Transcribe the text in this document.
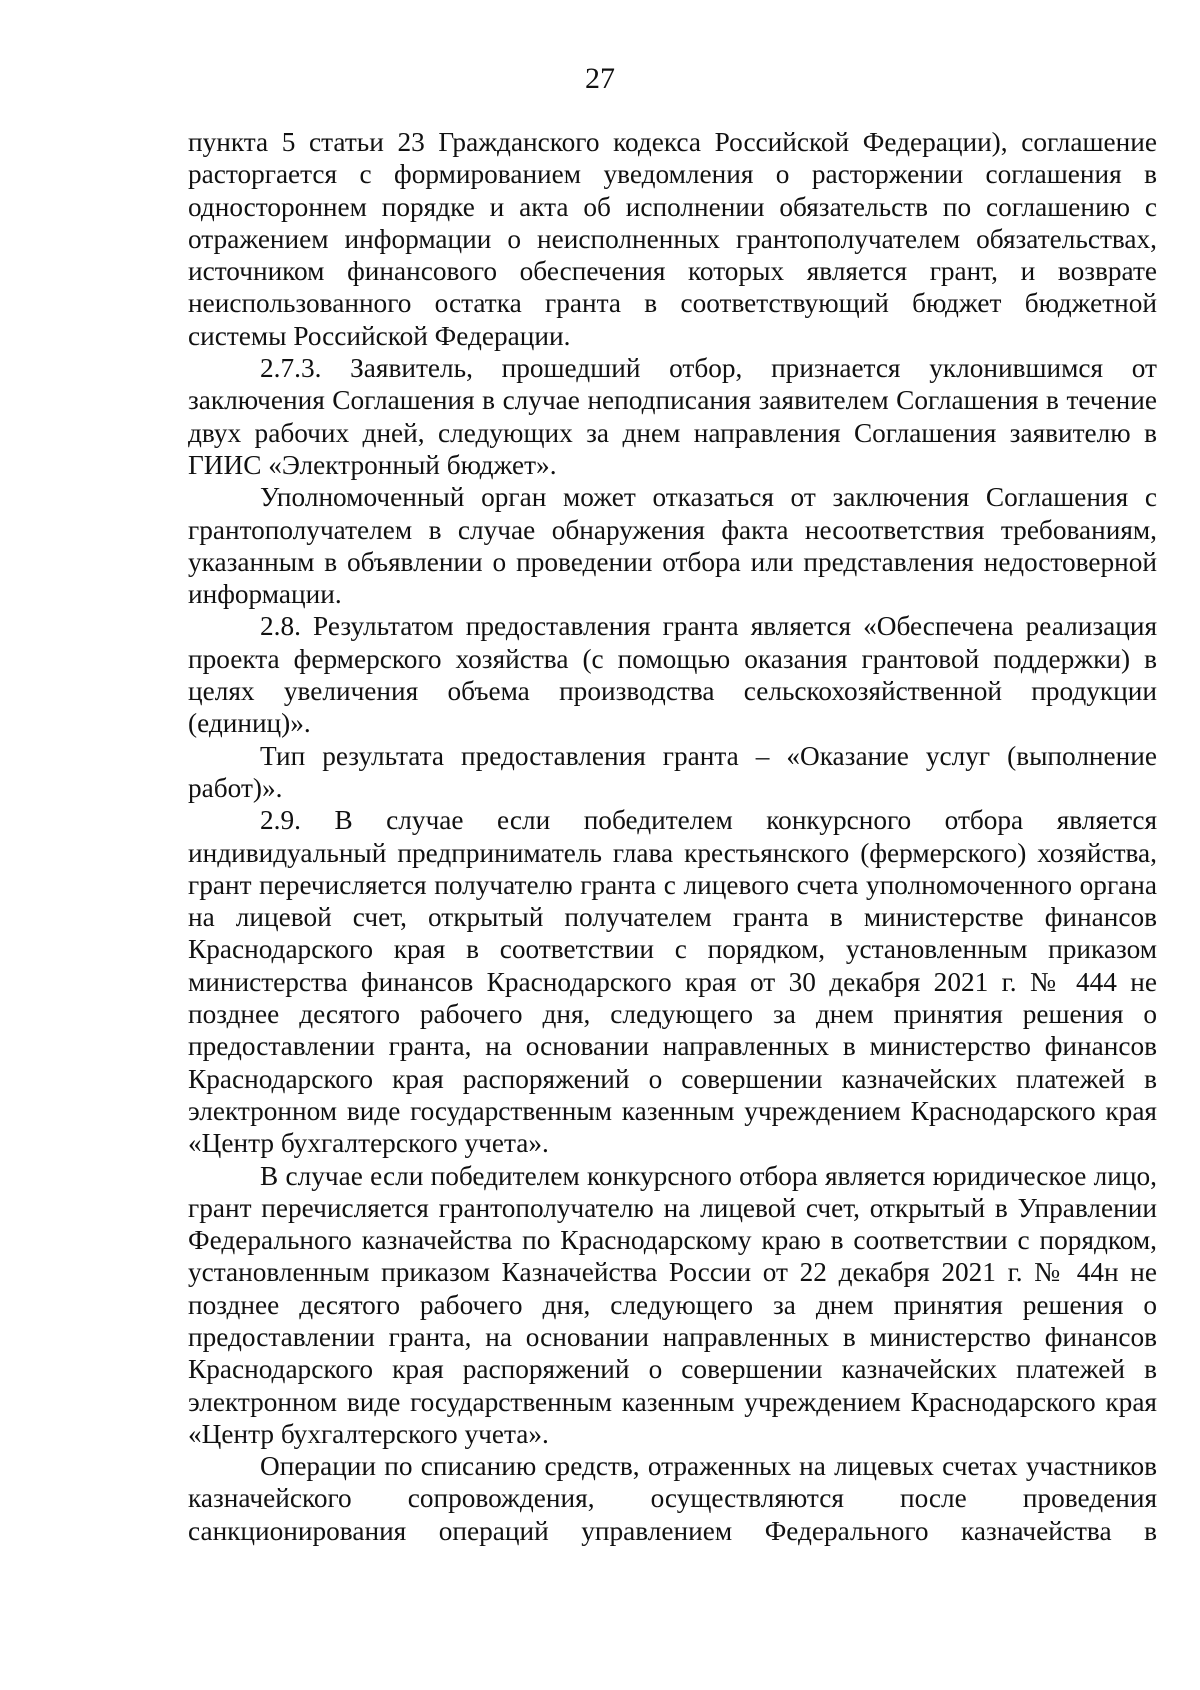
27

пункта 5 статьи 23 Гражданского кодекса Российской Федерации), соглашение расторгается с формированием уведомления о расторжении соглашения в одностороннем порядке и акта об исполнении обязательств по соглашению с отражением информации о неисполненных грантополучателем обязательствах, источником финансового обеспечения которых является грант, и возврате неиспользованного остатка гранта в соответствующий бюджет бюджетной системы Российской Федерации.

2.7.3. Заявитель, прошедший отбор, признается уклонившимся от заключения Соглашения в случае неподписания заявителем Соглашения в течение двух рабочих дней, следующих за днем направления Соглашения заявителю в ГИИС «Электронный бюджет».

Уполномоченный орган может отказаться от заключения Соглашения с грантополучателем в случае обнаружения факта несоответствия требованиям, указанным в объявлении о проведении отбора или представления недостоверной информации.

2.8. Результатом предоставления гранта является «Обеспечена реализация проекта фермерского хозяйства (с помощью оказания грантовой поддержки) в целях увеличения объема производства сельскохозяйственной продукции (единиц)».

Тип результата предоставления гранта – «Оказание услуг (выполнение работ)».

2.9. В случае если победителем конкурсного отбора является индивидуальный предприниматель глава крестьянского (фермерского) хозяйства, грант перечисляется получателю гранта с лицевого счета уполномоченного органа на лицевой счет, открытый получателем гранта в министерстве финансов Краснодарского края в соответствии с порядком, установленным приказом министерства финансов Краснодарского края от 30 декабря 2021 г. № 444 не позднее десятого рабочего дня, следующего за днем принятия решения о предоставлении гранта, на основании направленных в министерство финансов Краснодарского края распоряжений о совершении казначейских платежей в электронном виде государственным казенным учреждением Краснодарского края «Центр бухгалтерского учета».

В случае если победителем конкурсного отбора является юридическое лицо, грант перечисляется грантополучателю на лицевой счет, открытый в Управлении Федерального казначейства по Краснодарскому краю в соответствии с порядком, установленным приказом Казначейства России от 22 декабря 2021 г. № 44н не позднее десятого рабочего дня, следующего за днем принятия решения о предоставлении гранта, на основании направленных в министерство финансов Краснодарского края распоряжений о совершении казначейских платежей в электронном виде государственным казенным учреждением Краснодарского края «Центр бухгалтерского учета».

Операции по списанию средств, отраженных на лицевых счетах участников казначейского сопровождения, осуществляются после проведения санкционирования операций управлением Федерального казначейства в
